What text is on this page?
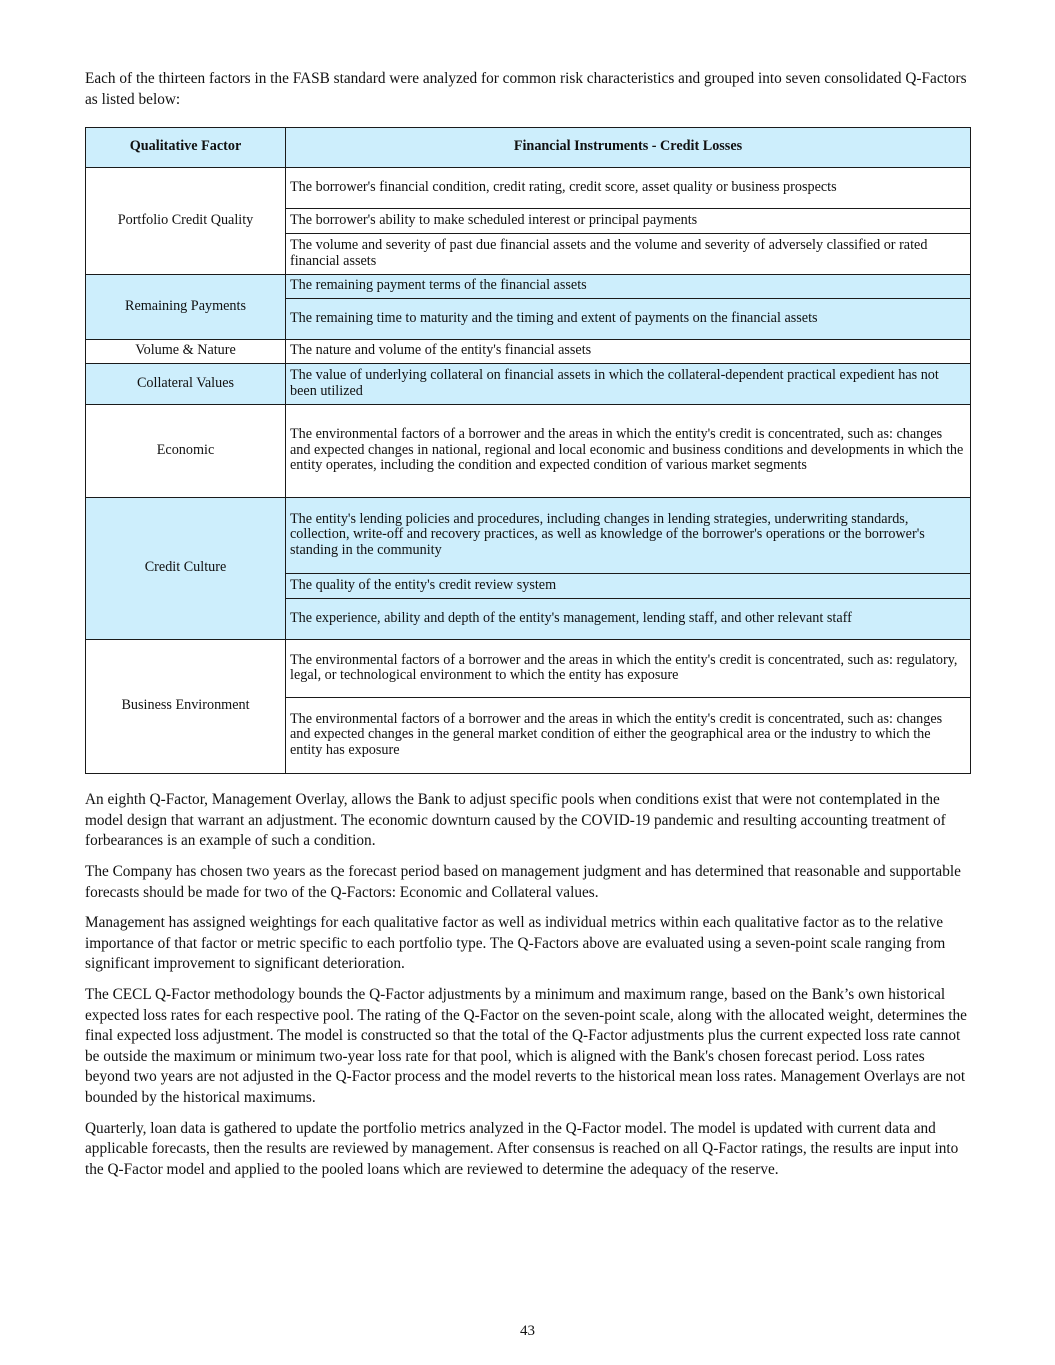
Each of the thirteen factors in the FASB standard were analyzed for common risk characteristics and grouped into seven consolidated Q-Factors as listed below:

Qualitative Factor	Financial Instruments - Credit Losses
Portfolio Credit Quality	The borrower's financial condition, credit rating, credit score, asset quality or business prospects
	The borrower's ability to make scheduled interest or principal payments
	The volume and severity of past due financial assets and the volume and severity of adversely classified or rated financial assets
Remaining Payments	The remaining payment terms of the financial assets
	The remaining time to maturity and the timing and extent of payments on the financial assets
Volume & Nature	The nature and volume of the entity's financial assets
Collateral Values	The value of underlying collateral on financial assets in which the collateral-dependent practical expedient has not been utilized
Economic	The environmental factors of a borrower and the areas in which the entity's credit is concentrated, such as: changes and expected changes in national, regional and local economic and business conditions and developments in which the entity operates, including the condition and expected condition of various market segments
Credit Culture	The entity's lending policies and procedures, including changes in lending strategies, underwriting standards, collection, write-off and recovery practices, as well as knowledge of the borrower's operations or the borrower's standing in the community
	The quality of the entity's credit review system
	The experience, ability and depth of the entity's management, lending staff, and other relevant staff
Business Environment	The environmental factors of a borrower and the areas in which the entity's credit is concentrated, such as: regulatory, legal, or technological environment to which the entity has exposure
	The environmental factors of a borrower and the areas in which the entity's credit is concentrated, such as: changes and expected changes in the general market condition of either the geographical area or the industry to which the entity has exposure

An eighth Q-Factor, Management Overlay, allows the Bank to adjust specific pools when conditions exist that were not contemplated in the model design that warrant an adjustment. The economic downturn caused by the COVID-19 pandemic and resulting accounting treatment of forbearances is an example of such a condition.

The Company has chosen two years as the forecast period based on management judgment and has determined that reasonable and supportable forecasts should be made for two of the Q-Factors: Economic and Collateral values.

Management has assigned weightings for each qualitative factor as well as individual metrics within each qualitative factor as to the relative importance of that factor or metric specific to each portfolio type. The Q-Factors above are evaluated using a seven-point scale ranging from significant improvement to significant deterioration.

The CECL Q-Factor methodology bounds the Q-Factor adjustments by a minimum and maximum range, based on the Bank’s own historical expected loss rates for each respective pool. The rating of the Q-Factor on the seven-point scale, along with the allocated weight, determines the final expected loss adjustment. The model is constructed so that the total of the Q-Factor adjustments plus the current expected loss rate cannot be outside the maximum or minimum two-year loss rate for that pool, which is aligned with the Bank's chosen forecast period. Loss rates beyond two years are not adjusted in the Q-Factor process and the model reverts to the historical mean loss rates. Management Overlays are not bounded by the historical maximums.

Quarterly, loan data is gathered to update the portfolio metrics analyzed in the Q-Factor model. The model is updated with current data and applicable forecasts, then the results are reviewed by management. After consensus is reached on all Q-Factor ratings, the results are input into the Q-Factor model and applied to the pooled loans which are reviewed to determine the adequacy of the reserve.

43
